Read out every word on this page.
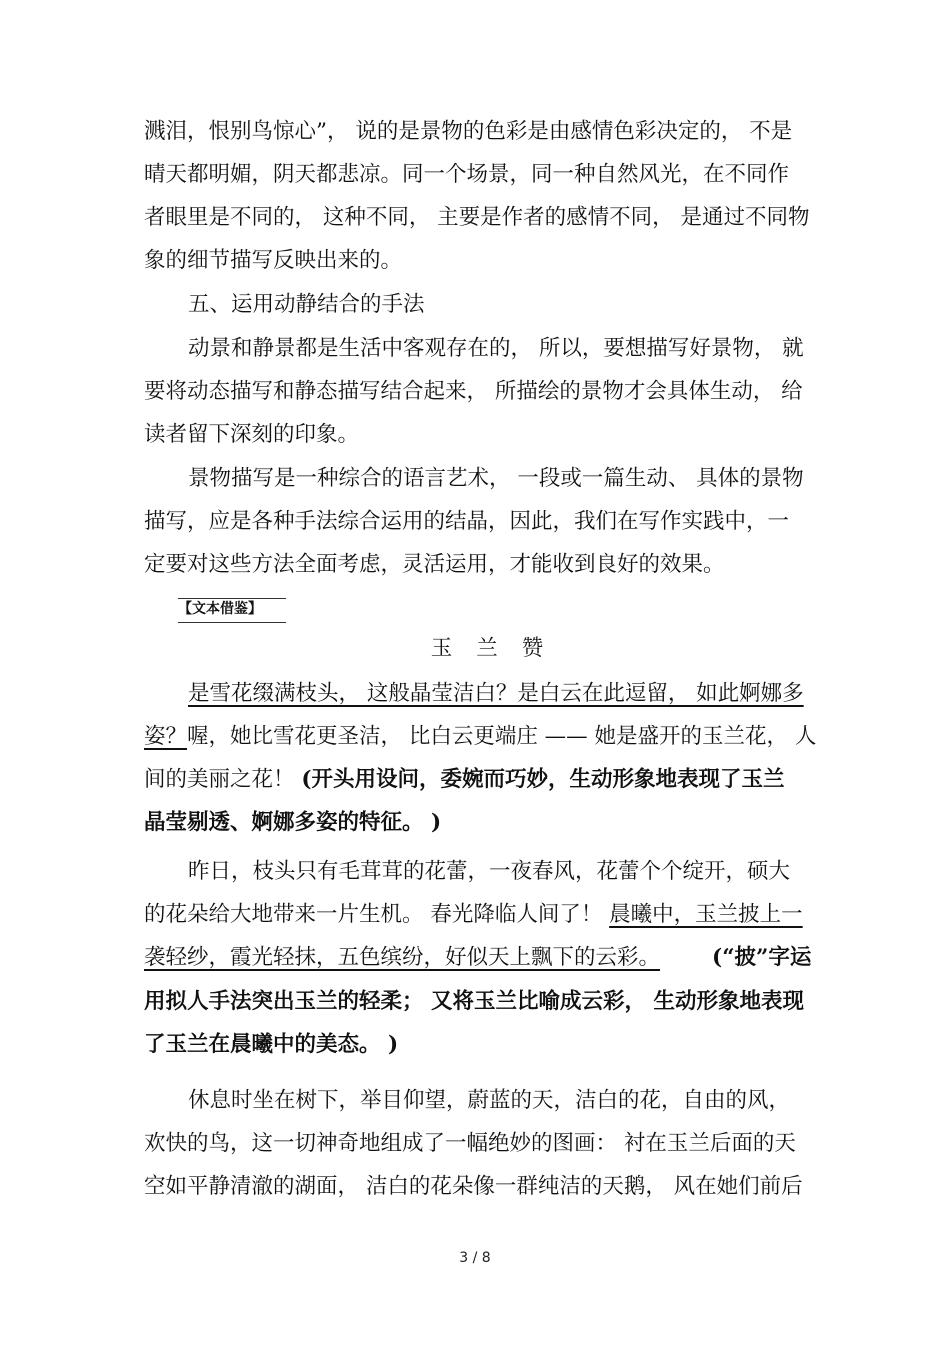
溅泪，恨别鸟惊心”， 说的是景物的色彩是由感情色彩决定的， 不是
晴天都明媚，阴天都悲凉。同一个场景，同一种自然风光，在不同作
者眼里是不同的， 这种不同， 主要是作者的感情不同， 是通过不同物
象的细节描写反映出来的。
五、运用动静结合的手法
动景和静景都是生活中客观存在的， 所以，要想描写好景物， 就
要将动态描写和静态描写结合起来， 所描绘的景物才会具体生动， 给
读者留下深刻的印象。
景物描写是一种综合的语言艺术， 一段或一篇生动、 具体的景物
描写，应是各种手法综合运用的结晶，因此，我们在写作实践中，一
定要对这些方法全面考虑，灵活运用，才能收到良好的效果。
【文本借鉴】
玉兰赞
是雪花缀满枝头， 这般晶莹洁白？是白云在此逗留， 如此婀娜多
姿？喔，她比雪花更圣洁， 比白云更端庄 —— 她是盛开的玉兰花， 人
间的美丽之花！ (开头用设问，委婉而巧妙，生动形象地表现了玉兰
晶莹剔透、婀娜多姿的特征。 )
昨日，枝头只有毛茸茸的花蕾，一夜春风，花蕾个个绽开，硕大
的花朵给大地带来一片生机。 春光降临人间了！ 晨曦中，玉兰披上一
袭轻纱，霞光轻抹，五色缤纷，好似天上飘下的云彩。 (“披”字运
用拟人手法突出玉兰的轻柔； 又将玉兰比喻成云彩， 生动形象地表现
了玉兰在晨曦中的美态。 )
休息时坐在树下，举目仰望，蔚蓝的天，洁白的花，自由的风，
欢快的鸟，这一切神奇地组成了一幅绝妙的图画： 衬在玉兰后面的天
空如平静清澈的湖面， 洁白的花朵像一群纯洁的天鹅， 风在她们前后
3 / 8
